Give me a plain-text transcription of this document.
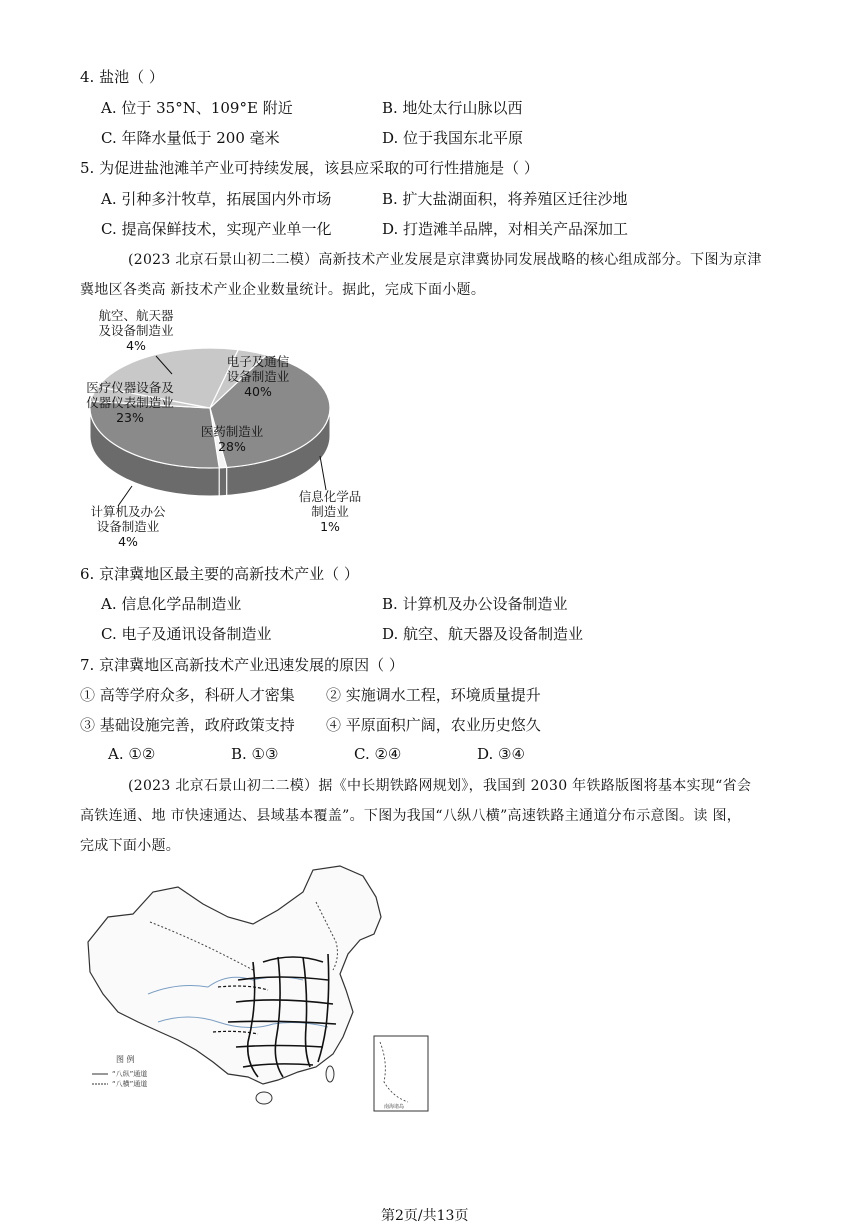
4. 盐池（ ）
A. 位于 35°N、109°E 附近	B. 地处太行山脉以西
C. 年降水量低于 200 毫米	D. 位于我国东北平原
5. 为促进盐池滩羊产业可持续发展，该县应采取的可行性措施是（ ）
A. 引种多汁牧草，拓展国内外市场	B. 扩大盐湖面积，将养殖区迁往沙地
C. 提高保鲜技术，实现产业单一化	D. 打造滩羊品牌，对相关产品深加工
(2023 北京石景山初二二模）高新技术产业发展是京津冀协同发展战略的核心组成部分。下图为京津
冀地区各类高 新技术产业企业数量统计。据此，完成下面小题。
电子及通信
设备制造业
40%
信息化学品
制造业
1%
医药制造业
28%
计算机及办公
设备制造业
4%
医疗仪器设备及
仪器仪表制造业
23%
航空、航天器
及设备制造业
4%
6. 京津冀地区最主要的高新技术产业（ ）
A. 信息化学品制造业	B. 计算机及办公设备制造业
C. 电子及通讯设备制造业	D. 航空、航天器及设备制造业
7. 京津冀地区高新技术产业迅速发展的原因（ ）
① 高等学府众多，科研人才密集 ② 实施调水工程，环境质量提升
③ 基础设施完善，政府政策支持 ④ 平原面积广阔，农业历史悠久
A. ①②	B. ①③	C. ②④	D. ③④
(2023 北京石景山初二二模）据《中长期铁路网规划》，我国到 2030 年铁路版图将基本实现“省会
高铁连通、地 市快速通达、县域基本覆盖”。下图为我国“八纵八横”高速铁路主通道分布示意图。读 图，
完成下面小题。
图 例
“八纵”通道
“八横”通道
南海诸岛
第2页/共13页
